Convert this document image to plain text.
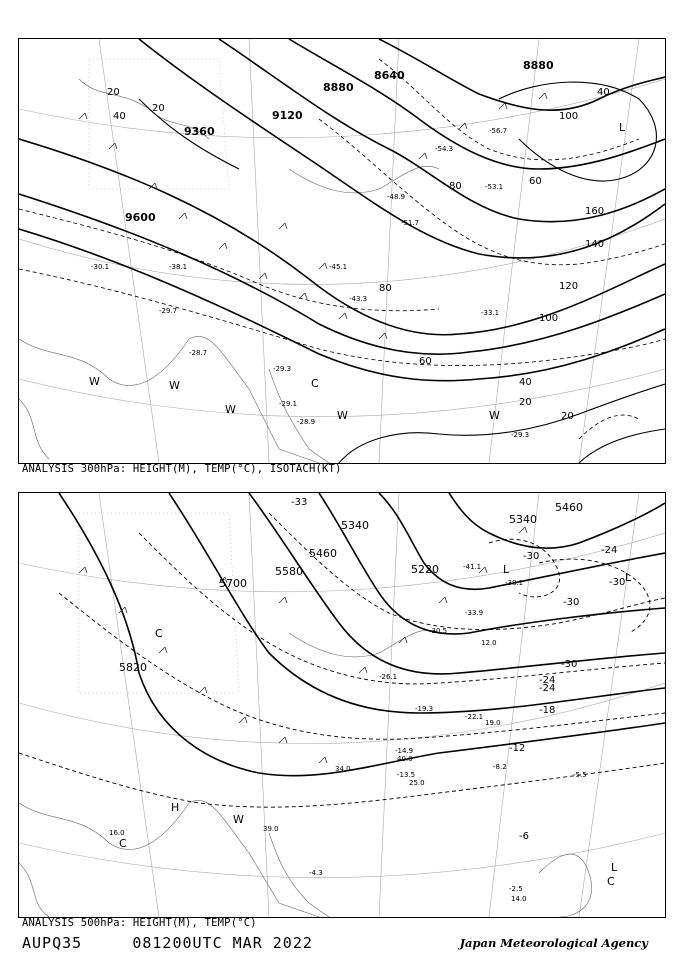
9600
9360
9120
8880
8640
8880
20
40
60
80
100
120
140
160
20
40
60
80
100
40
20
20
-29.3
-28.7
-28.9
-29.1
-33.1
-43.3
-45.1
-51.7
-54.3
-56.7
-53.1
-48.9
-30.1
-29.3
-38.1
-29.7
L
C
W	W
W	W	W
ANALYSIS 300hPa: HEIGHT(M), TEMP(°C), ISOTACH(KT)
5820
5700
5580
5460
5340
5220
5340
5460
-33
-30
-30
-24
-30
-24
-18
-12
-6
-24
-30
-41.1
-38.1
-30.5
-33.9
-26.1
-22.1
-19.3
-14.9
-13.5
-8.2
-5.5
-4.3
-2.5
14.0
40.0
34.0
39.0
25.0
12.0
16.0
19.0
L
L
H
W
C
C
L
C
ANALYSIS 500hPa: HEIGHT(M), TEMP(°C)
AUPQ35	081200UTC MAR 2022	Japan Meteorological Agency
